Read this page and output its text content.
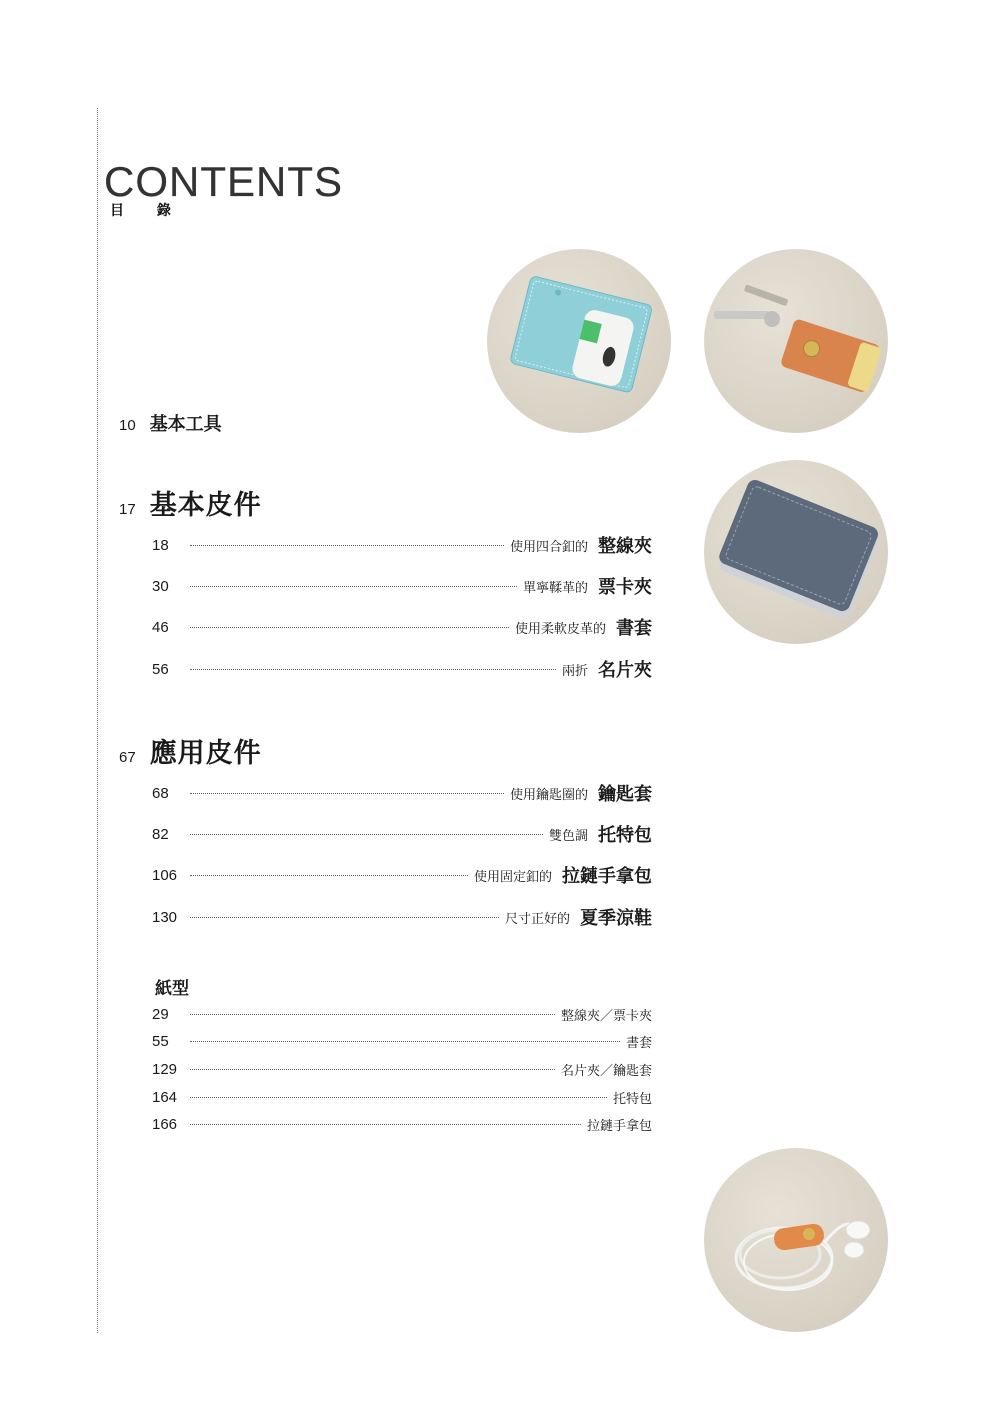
CONTENTS
目 錄
10 基本工具
17 基本皮件
18	使用四合釦的 整線夾
30	單寧鞣革的 票卡夾
46	使用柔軟皮革的 書套
56	兩折 名片夾
67 應用皮件
68	使用鑰匙圈的 鑰匙套
82	雙色調 托特包
106	使用固定釦的 拉鏈手拿包
130	尺寸正好的 夏季涼鞋
紙型
29	整線夾／票卡夾
55	書套
129	名片夾／鑰匙套
164	托特包
166	拉鏈手拿包
